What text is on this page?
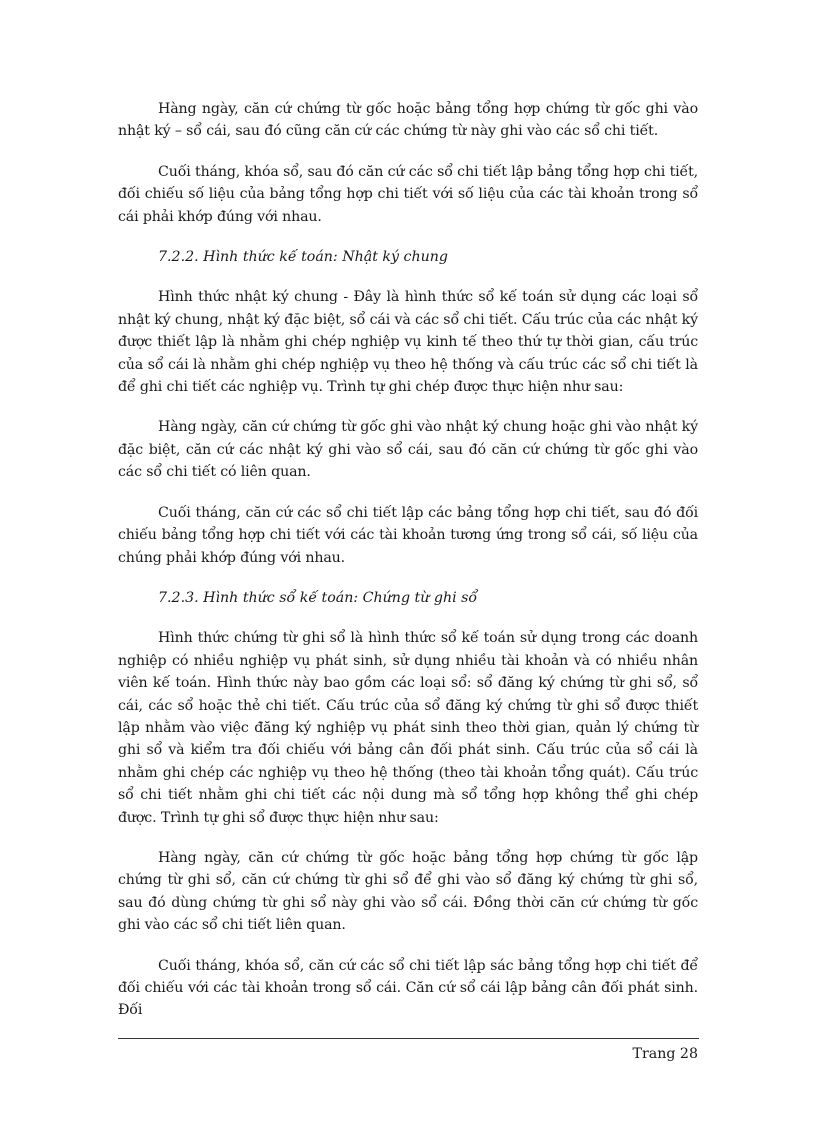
Hàng ngày, căn cứ chứng từ gốc hoặc bảng tổng hợp chứng từ gốc ghi vào nhật ký – sổ cái, sau đó cũng căn cứ các chứng từ này ghi vào các sổ chi tiết.

Cuối tháng, khóa sổ, sau đó căn cứ các sổ chi tiết lập bảng tổng hợp chi tiết, đối chiếu số liệu của bảng tổng hợp chi tiết với số liệu của các tài khoản trong sổ cái phải khớp đúng với nhau.

7.2.2. Hình thức kế toán: Nhật ký chung

Hình thức nhật ký chung - Đây là hình thức sổ kế toán sử dụng các loại sổ nhật ký chung, nhật ký đặc biệt, sổ cái và các sổ chi tiết. Cấu trúc của các nhật ký được thiết lập là nhằm ghi chép nghiệp vụ kinh tế theo thứ tự thời gian, cấu trúc của sổ cái là nhằm ghi chép nghiệp vụ theo hệ thống và cấu trúc các sổ chi tiết là để ghi chi tiết các nghiệp vụ. Trình tự ghi chép được thực hiện như sau:

Hàng ngày, căn cứ chứng từ gốc ghi vào nhật ký chung hoặc ghi vào nhật ký đặc biệt, căn cứ các nhật ký ghi vào sổ cái, sau đó căn cứ chứng từ gốc ghi vào các sổ chi tiết có liên quan.

Cuối tháng, căn cứ các sổ chi tiết lập các bảng tổng hợp chi tiết, sau đó đối chiếu bảng tổng hợp chi tiết với các tài khoản tương ứng trong sổ cái, số liệu của chúng phải khớp đúng với nhau.

7.2.3. Hình thức sổ kế toán: Chứng từ ghi sổ

Hình thức chứng từ ghi sổ là hình thức sổ kế toán sử dụng trong các doanh nghiệp có nhiều nghiệp vụ phát sinh, sử dụng nhiều tài khoản và có nhiều nhân viên kế toán. Hình thức này bao gồm các loại sổ: sổ đăng ký chứng từ ghi sổ, sổ cái, các sổ hoặc thẻ chi tiết. Cấu trúc của sổ đăng ký chứng từ ghi sổ được thiết lập nhằm vào việc đăng ký nghiệp vụ phát sinh theo thời gian, quản lý chứng từ ghi sổ và kiểm tra đối chiếu với bảng cân đối phát sinh. Cấu trúc của sổ cái là nhằm ghi chép các nghiệp vụ theo hệ thống (theo tài khoản tổng quát). Cấu trúc sổ chi tiết nhằm ghi chi tiết các nội dung mà sổ tổng hợp không thể ghi chép được. Trình tự ghi sổ được thực hiện như sau:

Hàng ngày, căn cứ chứng từ gốc hoặc bảng tổng hợp chứng từ gốc lập chứng từ ghi sổ, căn cứ chứng từ ghi sổ để ghi vào sổ đăng ký chứng từ ghi sổ, sau đó dùng chứng từ ghi sổ này ghi vào sổ cái. Đồng thời căn cứ chứng từ gốc ghi vào các sổ chi tiết liên quan.

Cuối tháng, khóa sổ, căn cứ các sổ chi tiết lập sác bảng tổng hợp chi tiết để đối chiếu với các tài khoản trong sổ cái. Căn cứ sổ cái lập bảng cân đối phát sinh. Đối

Trang 28
